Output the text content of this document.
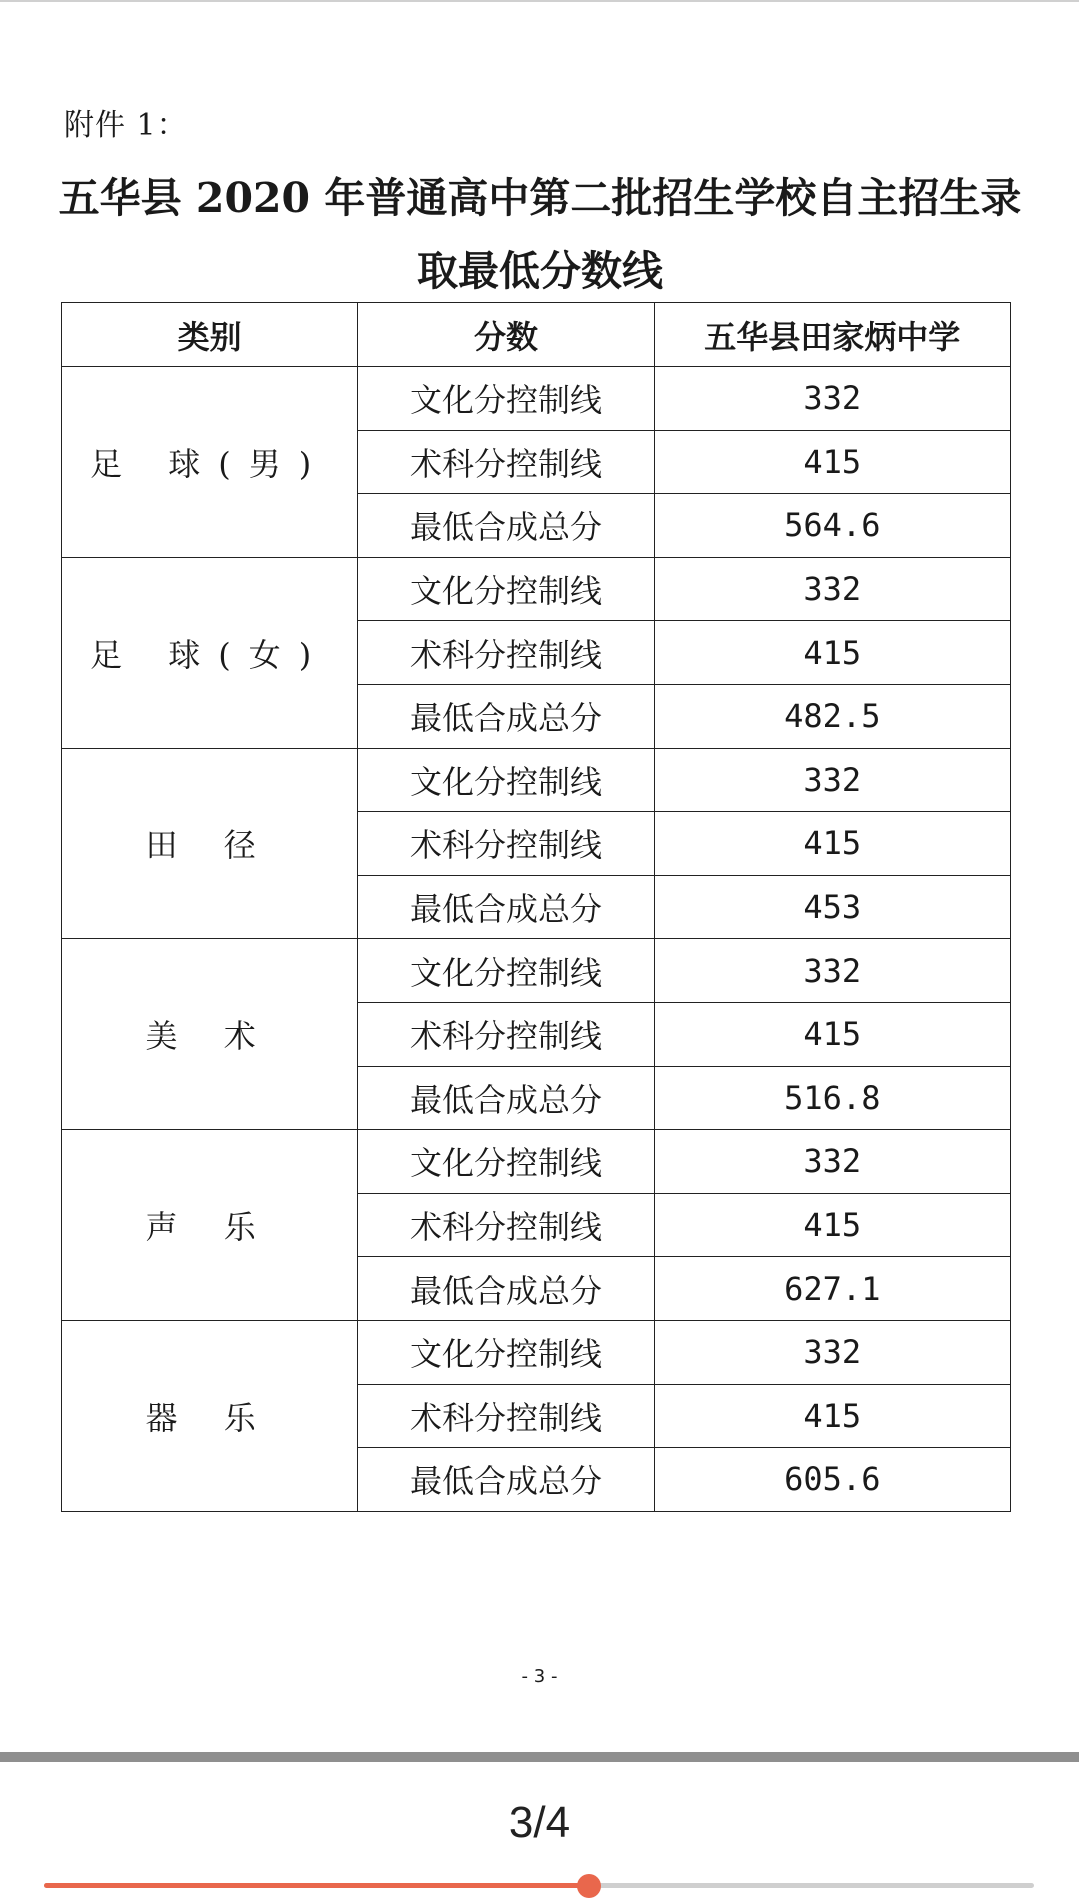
附件 1：
五华县 2020 年普通高中第二批招生学校自主招生录
取最低分数线
类别	分数	五华县田家炳中学
足 球(男)	文化分控制线	332
	术科分控制线	415
	最低合成总分	564.6
足 球(女)	文化分控制线	332
	术科分控制线	415
	最低合成总分	482.5
田 径	文化分控制线	332
	术科分控制线	415
	最低合成总分	453
美 术	文化分控制线	332
	术科分控制线	415
	最低合成总分	516.8
声 乐	文化分控制线	332
	术科分控制线	415
	最低合成总分	627.1
器 乐	文化分控制线	332
	术科分控制线	415
	最低合成总分	605.6
- 3 -
3/4
